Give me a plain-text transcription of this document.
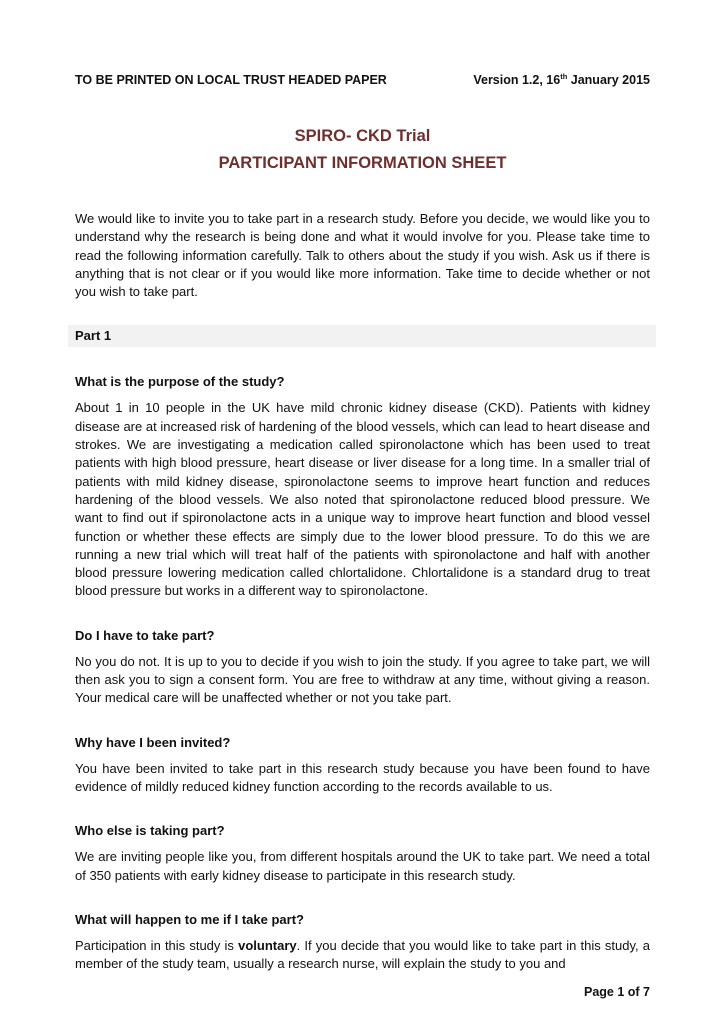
TO BE PRINTED ON LOCAL TRUST HEADED PAPER	Version 1.2, 16th January 2015
SPIRO- CKD Trial
PARTICIPANT INFORMATION SHEET

We would like to invite you to take part in a research study. Before you decide, we would like you to understand why the research is being done and what it would involve for you. Please take time to read the following information carefully. Talk to others about the study if you wish. Ask us if there is anything that is not clear or if you would like more information. Take time to decide whether or not you wish to take part.

Part 1
What is the purpose of the study?

About 1 in 10 people in the UK have mild chronic kidney disease (CKD). Patients with kidney disease are at increased risk of hardening of the blood vessels, which can lead to heart disease and strokes. We are investigating a medication called spironolactone which has been used to treat patients with high blood pressure, heart disease or liver disease for a long time. In a smaller trial of patients with mild kidney disease, spironolactone seems to improve heart function and reduces hardening of the blood vessels. We also noted that spironolactone reduced blood pressure. We want to find out if spironolactone acts in a unique way to improve heart function and blood vessel function or whether these effects are simply due to the lower blood pressure. To do this we are running a new trial which will treat half of the patients with spironolactone and half with another blood pressure lowering medication called chlortalidone. Chlortalidone is a standard drug to treat blood pressure but works in a different way to spironolactone.

Do I have to take part?

No you do not. It is up to you to decide if you wish to join the study. If you agree to take part, we will then ask you to sign a consent form. You are free to withdraw at any time, without giving a reason. Your medical care will be unaffected whether or not you take part.

Why have I been invited?

You have been invited to take part in this research study because you have been found to have evidence of mildly reduced kidney function according to the records available to us.

Who else is taking part?

We are inviting people like you, from different hospitals around the UK to take part. We need a total of 350 patients with early kidney disease to participate in this research study.

What will happen to me if I take part?

Participation in this study is voluntary. If you decide that you would like to take part in this study, a member of the study team, usually a research nurse, will explain the study to you and

Page 1 of 7
